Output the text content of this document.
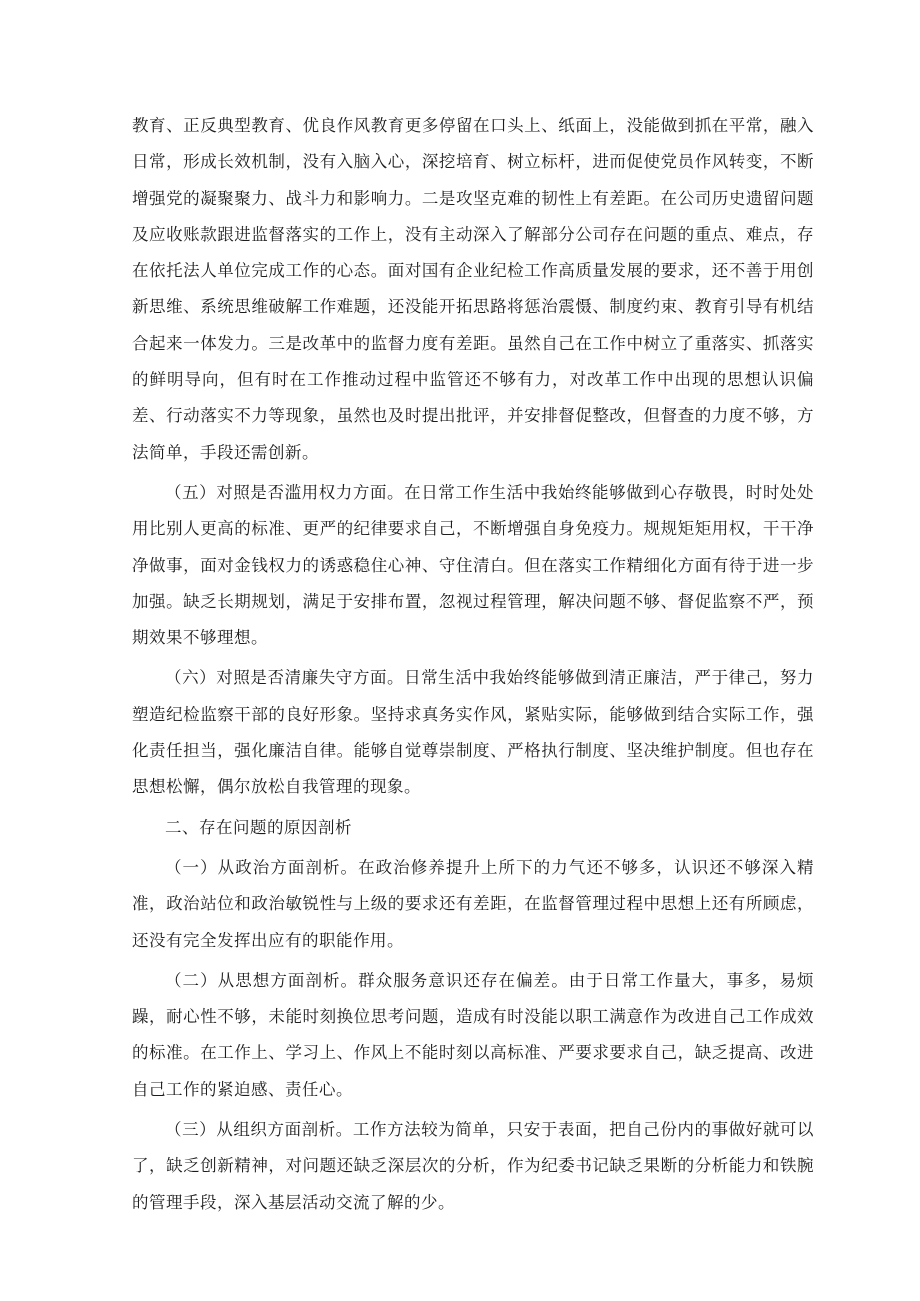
教育、正反典型教育、优良作风教育更多停留在口头上、纸面上，没能做到抓在平常，融入日常，形成长效机制，没有入脑入心，深挖培育、树立标杆，进而促使党员作风转变，不断增强党的凝聚聚力、战斗力和影响力。二是攻坚克难的韧性上有差距。在公司历史遗留问题及应收账款跟进监督落实的工作上，没有主动深入了解部分公司存在问题的重点、难点，存在依托法人单位完成工作的心态。面对国有企业纪检工作高质量发展的要求，还不善于用创新思维、系统思维破解工作难题，还没能开拓思路将惩治震慑、制度约束、教育引导有机结合起来一体发力。三是改革中的监督力度有差距。虽然自己在工作中树立了重落实、抓落实的鲜明导向，但有时在工作推动过程中监管还不够有力，对改革工作中出现的思想认识偏差、行动落实不力等现象，虽然也及时提出批评，并安排督促整改，但督查的力度不够，方法简单，手段还需创新。

（五）对照是否滥用权力方面。在日常工作生活中我始终能够做到心存敬畏，时时处处用比别人更高的标准、更严的纪律要求自己，不断增强自身免疫力。规规矩矩用权，干干净净做事，面对金钱权力的诱惑稳住心神、守住清白。但在落实工作精细化方面有待于进一步加强。缺乏长期规划，满足于安排布置，忽视过程管理，解决问题不够、督促监察不严，预期效果不够理想。

（六）对照是否清廉失守方面。日常生活中我始终能够做到清正廉洁，严于律己，努力塑造纪检监察干部的良好形象。坚持求真务实作风，紧贴实际，能够做到结合实际工作，强化责任担当，强化廉洁自律。能够自觉尊崇制度、严格执行制度、坚决维护制度。但也存在思想松懈，偶尔放松自我管理的现象。

二、存在问题的原因剖析

（一）从政治方面剖析。在政治修养提升上所下的力气还不够多，认识还不够深入精准，政治站位和政治敏锐性与上级的要求还有差距，在监督管理过程中思想上还有所顾虑，还没有完全发挥出应有的职能作用。

（二）从思想方面剖析。群众服务意识还存在偏差。由于日常工作量大，事多，易烦躁，耐心性不够，未能时刻换位思考问题，造成有时没能以职工满意作为改进自己工作成效的标准。在工作上、学习上、作风上不能时刻以高标准、严要求要求自己，缺乏提高、改进自己工作的紧迫感、责任心。

（三）从组织方面剖析。工作方法较为简单，只安于表面，把自己份内的事做好就可以了，缺乏创新精神，对问题还缺乏深层次的分析，作为纪委书记缺乏果断的分析能力和铁腕的管理手段，深入基层活动交流了解的少。
